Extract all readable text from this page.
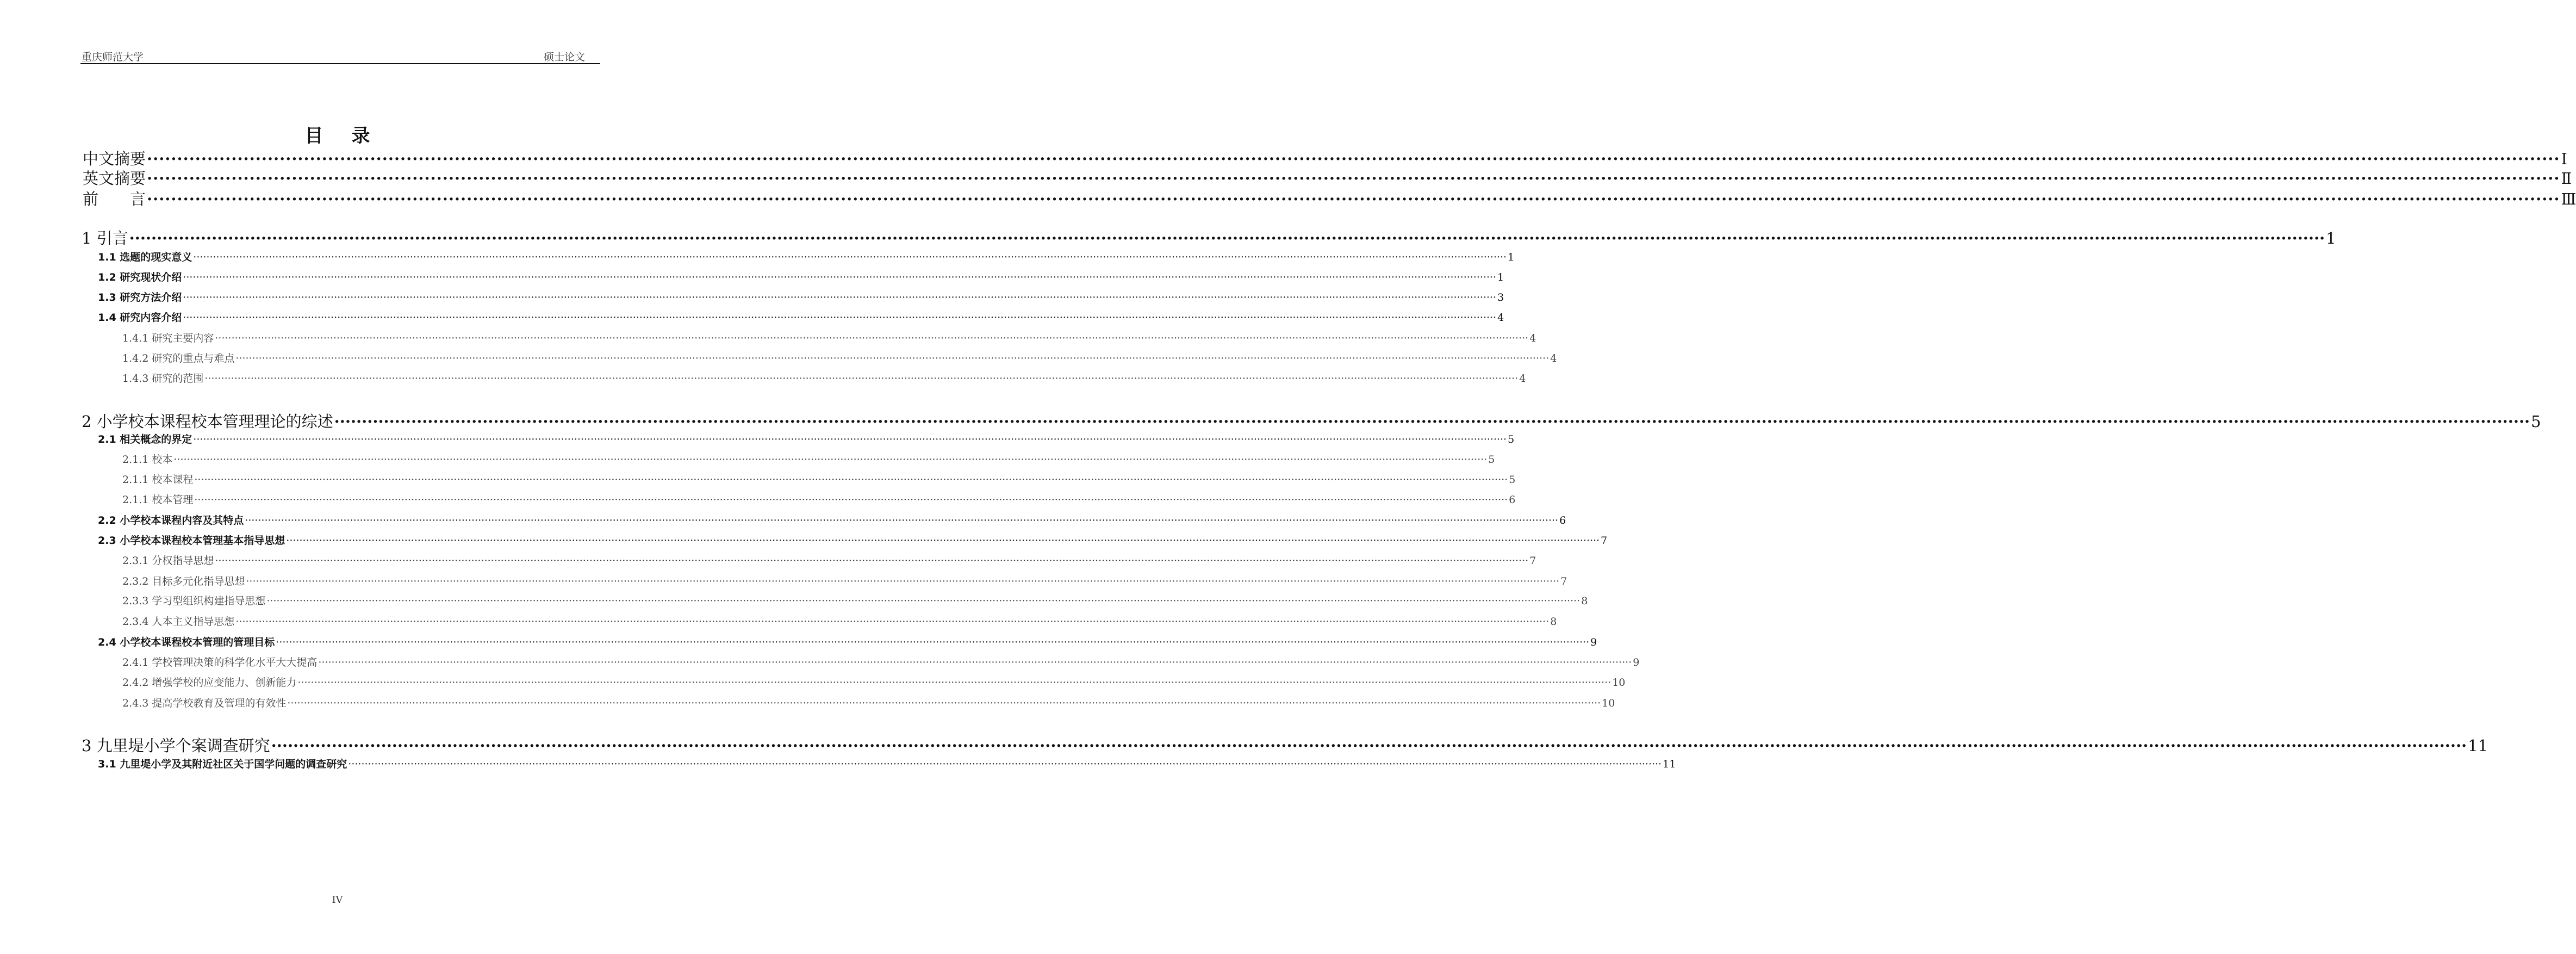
重庆师范大学	硕士论文
目录
中文摘要 ················································································································································································································································································································································································································ Ⅰ
英文摘要 ················································································································································································································································································································································································································ Ⅱ
前　　言 ················································································································································································································································································································································································································ Ⅲ
1 引言 ················································································································································································································································································································································································································ 1
1.1 选题的现实意义 ················································································································································································································································································································································································································ 1
1.2 研究现状介绍 ················································································································································································································································································································································································································ 1
1.3 研究方法介绍 ················································································································································································································································································································································································································ 3
1.4 研究内容介绍 ················································································································································································································································································································································································································ 4
1.4.1 研究主要内容 ················································································································································································································································································································································································································ 4
1.4.2 研究的重点与难点 ················································································································································································································································································································································································································ 4
1.4.3 研究的范围 ················································································································································································································································································································································································································ 4
2 小学校本课程校本管理理论的综述 ················································································································································································································································································································································································································ 5
2.1 相关概念的界定 ················································································································································································································································································································································································································ 5
2.1.1 校本 ················································································································································································································································································································································································································ 5
2.1.1 校本课程 ················································································································································································································································································································································································································ 5
2.1.1 校本管理 ················································································································································································································································································································································································································ 6
2.2 小学校本课程内容及其特点 ················································································································································································································································································································································································································ 6
2.3 小学校本课程校本管理基本指导思想 ················································································································································································································································································································································································································ 7
2.3.1 分权指导思想 ················································································································································································································································································································································································································ 7
2.3.2 目标多元化指导思想 ················································································································································································································································································································································································································ 7
2.3.3 学习型组织构建指导思想 ················································································································································································································································································································································································································ 8
2.3.4 人本主义指导思想 ················································································································································································································································································································································································································ 8
2.4 小学校本课程校本管理的管理目标 ················································································································································································································································································································································································································ 9
2.4.1 学校管理决策的科学化水平大大提高 ················································································································································································································································································································································································································ 9
2.4.2 增强学校的应变能力、创新能力 ················································································································································································································································································································································································································ 10
2.4.3 提高学校教育及管理的有效性 ················································································································································································································································································································································································································ 10
3 九里堤小学个案调查研究 ················································································································································································································································································································································································································ 11
3.1 九里堤小学及其附近社区关于国学问题的调查研究 ················································································································································································································································································································································································································ 11
IV
